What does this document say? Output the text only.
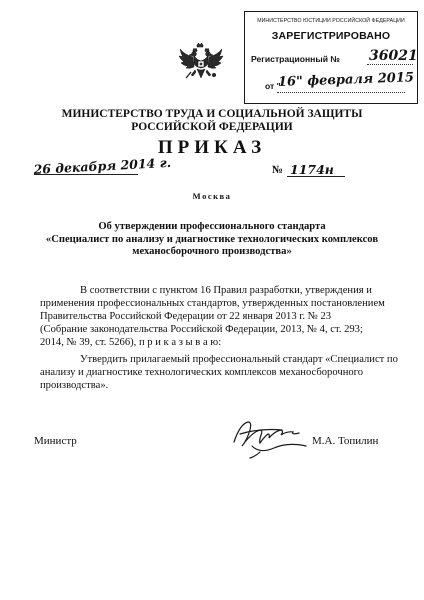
МИНИСТЕРСТВО ЮСТИЦИИ РОССИЙСКОЙ ФЕДЕРАЦИИ
ЗАРЕГИСТРИРОВАНО
Регистрационный № 36021
от "
16" февраля 2015
МИНИСТЕРСТВО ТРУДА И СОЦИАЛЬНОЙ ЗАЩИТЫ
РОССИЙСКОЙ ФЕДЕРАЦИИ
ПРИКАЗ
26 декабря 2014 г.	№ 1174н
Москва
Об утверждении профессионального стандарта
«Специалист по анализу и диагностике технологических комплексов
механосборочного производства»
В соответствии с пунктом 16 Правил разработки, утверждения и
применения профессиональных стандартов, утвержденных постановлением
Правительства Российской Федерации от 22 января 2013 г. № 23
(Собрание законодательства Российской Федерации, 2013, № 4, ст. 293;
2014, № 39, ст. 5266), п р и к а з ы в а ю:
Утвердить прилагаемый профессиональный стандарт «Специалист по
анализу и диагностике технологических комплексов механосборочного
производства».
Министр	М.А. Топилин
